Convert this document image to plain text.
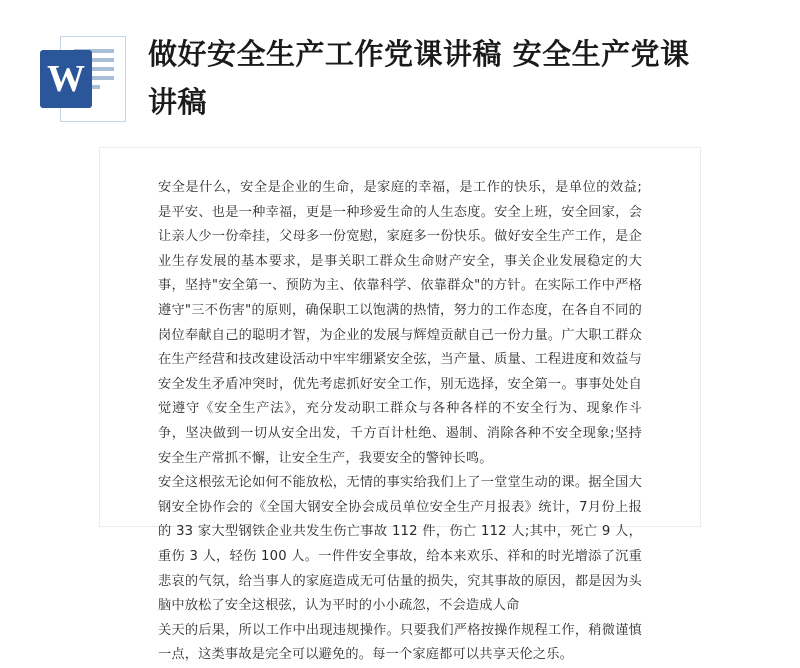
W
做好安全生产工作党课讲稿 安全生产党课讲稿

安全是什么，安全是企业的生命，是家庭的幸福，是工作的快乐，是单位的效益;是平安、也是一种幸福，更是一种珍爱生命的人生态度。安全上班，安全回家，会让亲人少一份牵挂，父母多一份宽慰，家庭多一份快乐。做好安全生产工作，是企业生存发展的基本要求，是事关职工群众生命财产安全，事关企业发展稳定的大事，坚持"安全第一、预防为主、依靠科学、依靠群众"的方针。在实际工作中严格遵守"三不伤害"的原则，确保职工以饱满的热情，努力的工作态度，在各自不同的岗位奉献自己的聪明才智，为企业的发展与辉煌贡献自己一份力量。广大职工群众在生产经营和技改建设活动中牢牢绷紧安全弦，当产量、质量、工程进度和效益与安全发生矛盾冲突时，优先考虑抓好安全工作，别无选择，安全第一。事事处处自觉遵守《安全生产法》，充分发动职工群众与各种各样的不安全行为、现象作斗争，坚决做到一切从安全出发，千方百计杜绝、遏制、消除各种不安全现象;坚持安全生产常抓不懈，让安全生产，我要安全的警钟长鸣。

安全这根弦无论如何不能放松，无情的事实给我们上了一堂堂生动的课。据全国大钢安全协作会的《全国大钢安全协会成员单位安全生产月报表》统计，7月份上报的 33 家大型钢铁企业共发生伤亡事故 112 件，伤亡 112 人;其中，死亡 9 人，重伤 3 人，轻伤 100 人。一件件安全事故，给本来欢乐、祥和的时光增添了沉重悲哀的气氛，给当事人的家庭造成无可估量的损失，究其事故的原因，都是因为头脑中放松了安全这根弦，认为平时的小小疏忽，不会造成人命

关天的后果，所以工作中出现违规操作。只要我们严格按操作规程工作，稍微谨慎一点，这类事故是完全可以避免的。每一个家庭都可以共享天伦之乐。
